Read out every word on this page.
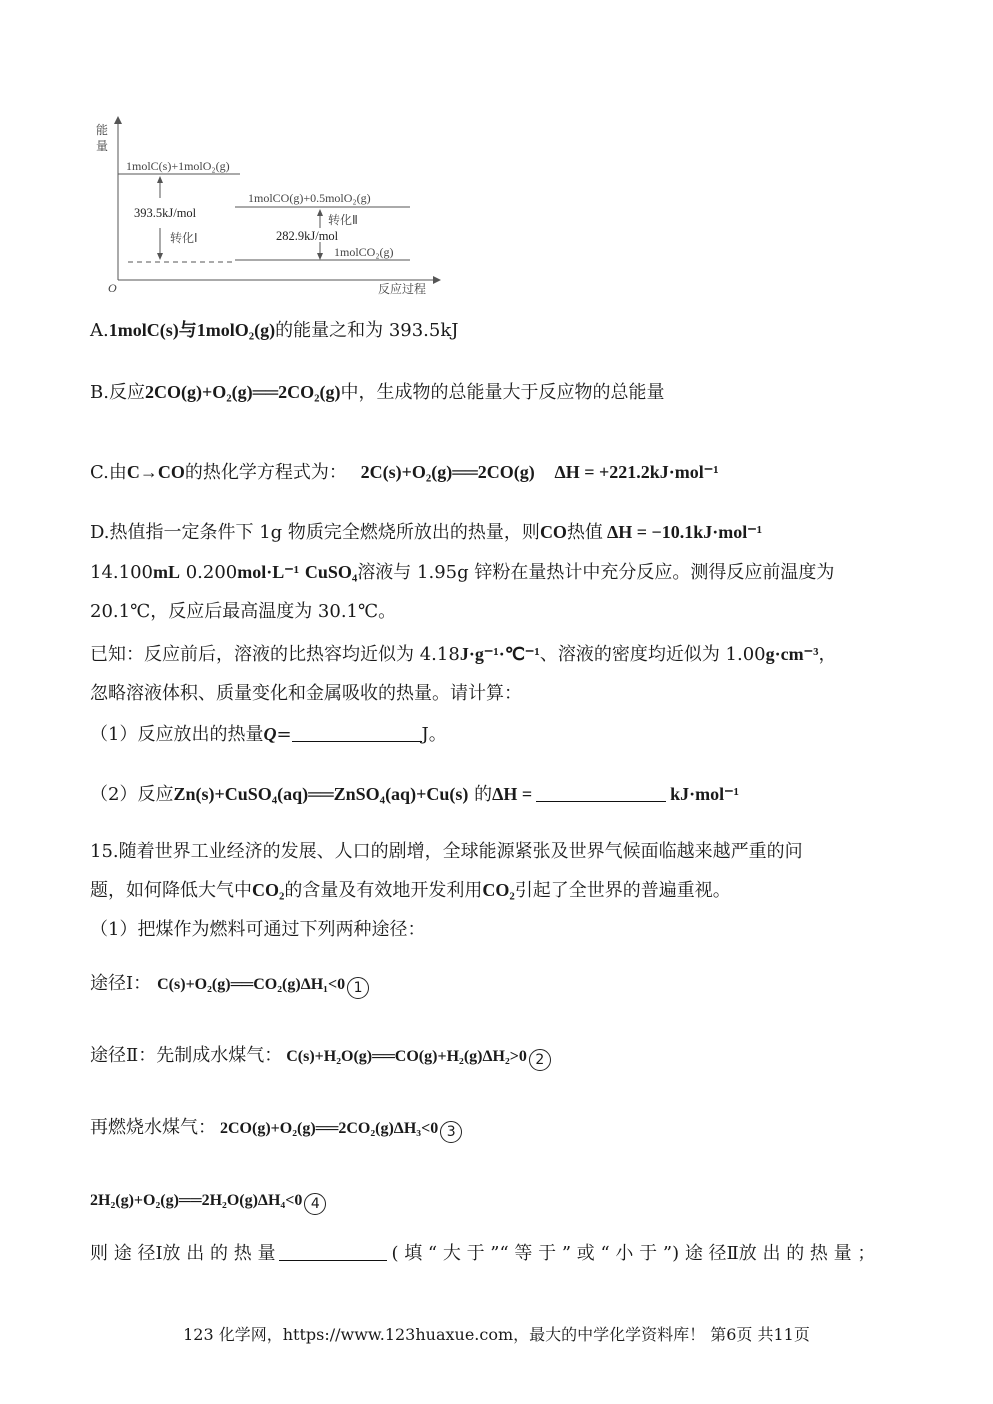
能
量
O	反应过程
1molC(s)+1molO₂(g)
1molCO(g)+0.5molO₂(g)
1molCO₂(g)
393.5kJ/mol
转化Ⅰ
转化Ⅱ
282.9kJ/mol
A.1molC(s)与1molO₂(g)的能量之和为 393.5kJ
B.反应2CO(g)+O₂(g)══2CO₂(g)中，生成物的总能量大于反应物的总能量
C.由C→CO的热化学方程式为： 2C(s)+O₂(g)══2CO(g) ΔH = +221.2kJ·mol⁻¹
D.热值指一定条件下 1g 物质完全燃烧所放出的热量，则CO热值 ΔH = −10.1kJ·mol⁻¹
14.100mL 0.200mol·L⁻¹ CuSO₄溶液与 1.95g 锌粉在量热计中充分反应。测得反应前温度为
20.1℃，反应后最高温度为 30.1℃。
已知：反应前后，溶液的比热容均近似为 4.18J·g⁻¹·℃⁻¹、溶液的密度均近似为 1.00g·cm⁻³，
忽略溶液体积、质量变化和金属吸收的热量。请计算：
（1）反应放出的热量Q=	J。
（2）反应Zn(s)+CuSO₄(aq)══ZnSO₄(aq)+Cu(s) 的ΔH =	kJ·mol⁻¹
15.随着世界工业经济的发展、人口的剧增，全球能源紧张及世界气候面临越来越严重的问
题，如何降低大气中CO₂的含量及有效地开发利用CO₂引起了全世界的普遍重视。
（1）把煤作为燃料可通过下列两种途径：
途径Ⅰ： C(s)+O₂(g)══CO₂(g)ΔH₁<0 1
途径Ⅱ：先制成水煤气： C(s)+H₂O(g)══CO(g)+H₂(g)ΔH₂>0 2
再燃烧水煤气： 2CO(g)+O₂(g)══2CO₂(g)ΔH₃<0 3
2H₂(g)+O₂(g)══2H₂O(g)ΔH₄<0 4
则 途 径Ⅰ放 出 的 热 量	( 填 “ 大 于 ”“ 等 于 ” 或 “ 小 于 ”) 途 径Ⅱ放 出 的 热 量 ；
123 化学网，https://www.123huaxue.com，最大的中学化学资料库！ 第6页 共11页
